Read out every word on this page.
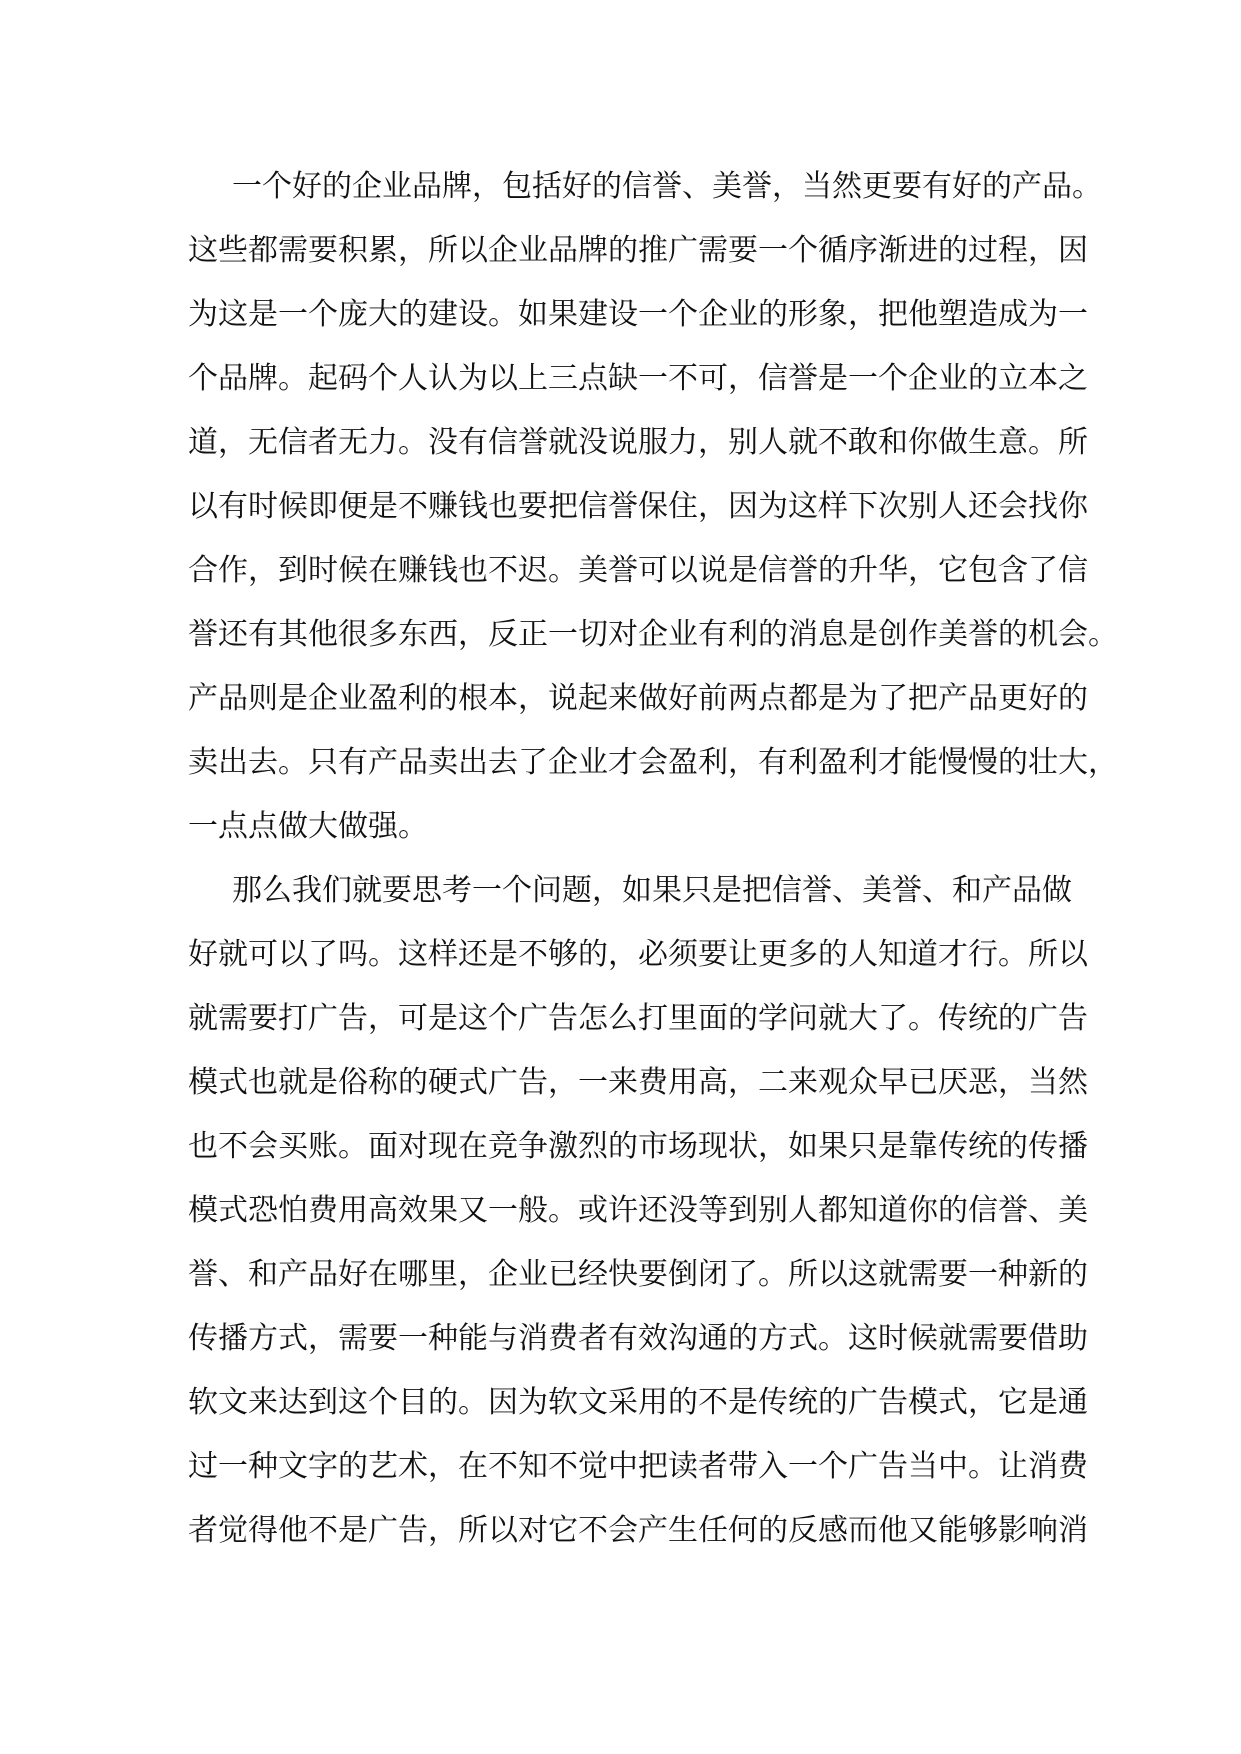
一个好的企业品牌，包括好的信誉、美誉，当然更要有好的产品。
这些都需要积累，所以企业品牌的推广需要一个循序渐进的过程，因
为这是一个庞大的建设。如果建设一个企业的形象，把他塑造成为一
个品牌。起码个人认为以上三点缺一不可，信誉是一个企业的立本之
道，无信者无力。没有信誉就没说服力，别人就不敢和你做生意。所
以有时候即便是不赚钱也要把信誉保住，因为这样下次别人还会找你
合作，到时候在赚钱也不迟。美誉可以说是信誉的升华，它包含了信
誉还有其他很多东西，反正一切对企业有利的消息是创作美誉的机会。
产品则是企业盈利的根本，说起来做好前两点都是为了把产品更好的
卖出去。只有产品卖出去了企业才会盈利，有利盈利才能慢慢的壮大，
一点点做大做强。
那么我们就要思考一个问题，如果只是把信誉、美誉、和产品做
好就可以了吗。这样还是不够的，必须要让更多的人知道才行。所以
就需要打广告，可是这个广告怎么打里面的学问就大了。传统的广告
模式也就是俗称的硬式广告，一来费用高，二来观众早已厌恶，当然
也不会买账。面对现在竞争激烈的市场现状，如果只是靠传统的传播
模式恐怕费用高效果又一般。或许还没等到别人都知道你的信誉、美
誉、和产品好在哪里，企业已经快要倒闭了。所以这就需要一种新的
传播方式，需要一种能与消费者有效沟通的方式。这时候就需要借助
软文来达到这个目的。因为软文采用的不是传统的广告模式，它是通
过一种文字的艺术，在不知不觉中把读者带入一个广告当中。让消费
者觉得他不是广告，所以对它不会产生任何的反感而他又能够影响消
